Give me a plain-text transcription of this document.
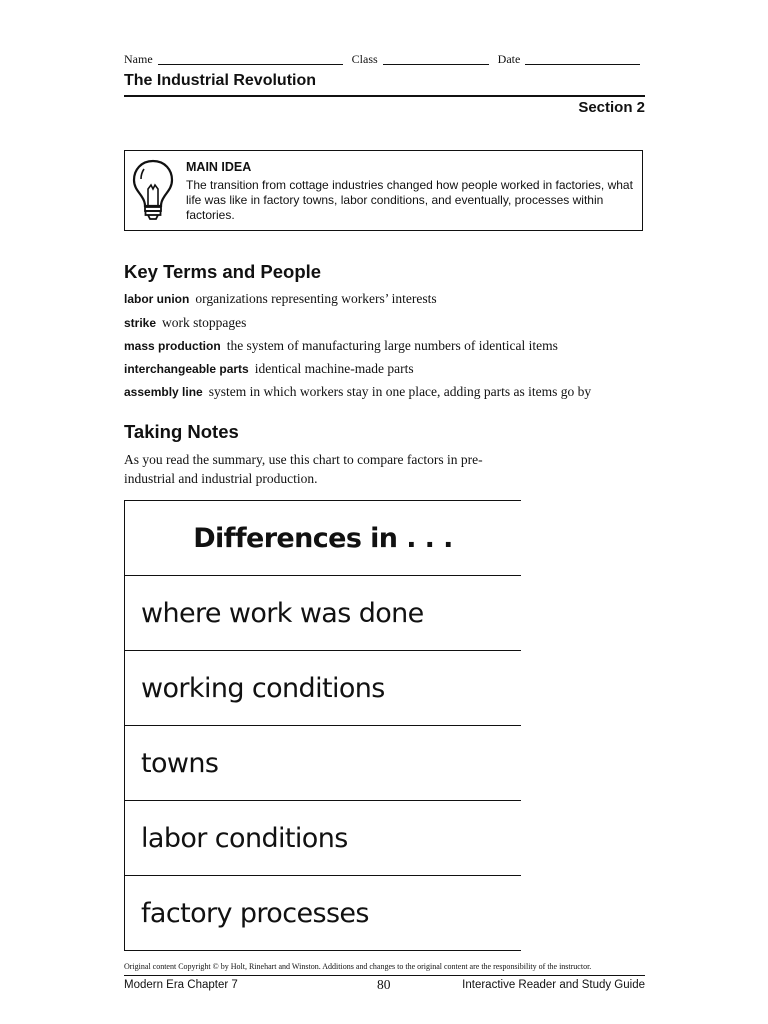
Name	Class	Date
The Industrial Revolution
Section 2
MAIN IDEA
The transition from cottage industries changed how people worked in factories, what life was like in factory towns, labor conditions, and eventually, processes within factories.
Key Terms and People
labor union organizations representing workers’ interests
strike work stoppages
mass production the system of manufacturing large numbers of identical items
interchangeable parts identical machine-made parts
assembly line system in which workers stay in one place, adding parts as items go by
Taking Notes
As you read the summary, use this chart to compare factors in pre-industrial and industrial production.
Differences in . . .
where work was done
working conditions
towns
labor conditions
factory processes
Original content Copyright © by Holt, Rinehart and Winston. Additions and changes to the original content are the responsibility of the instructor.
Modern Era Chapter 7	80	Interactive Reader and Study Guide
